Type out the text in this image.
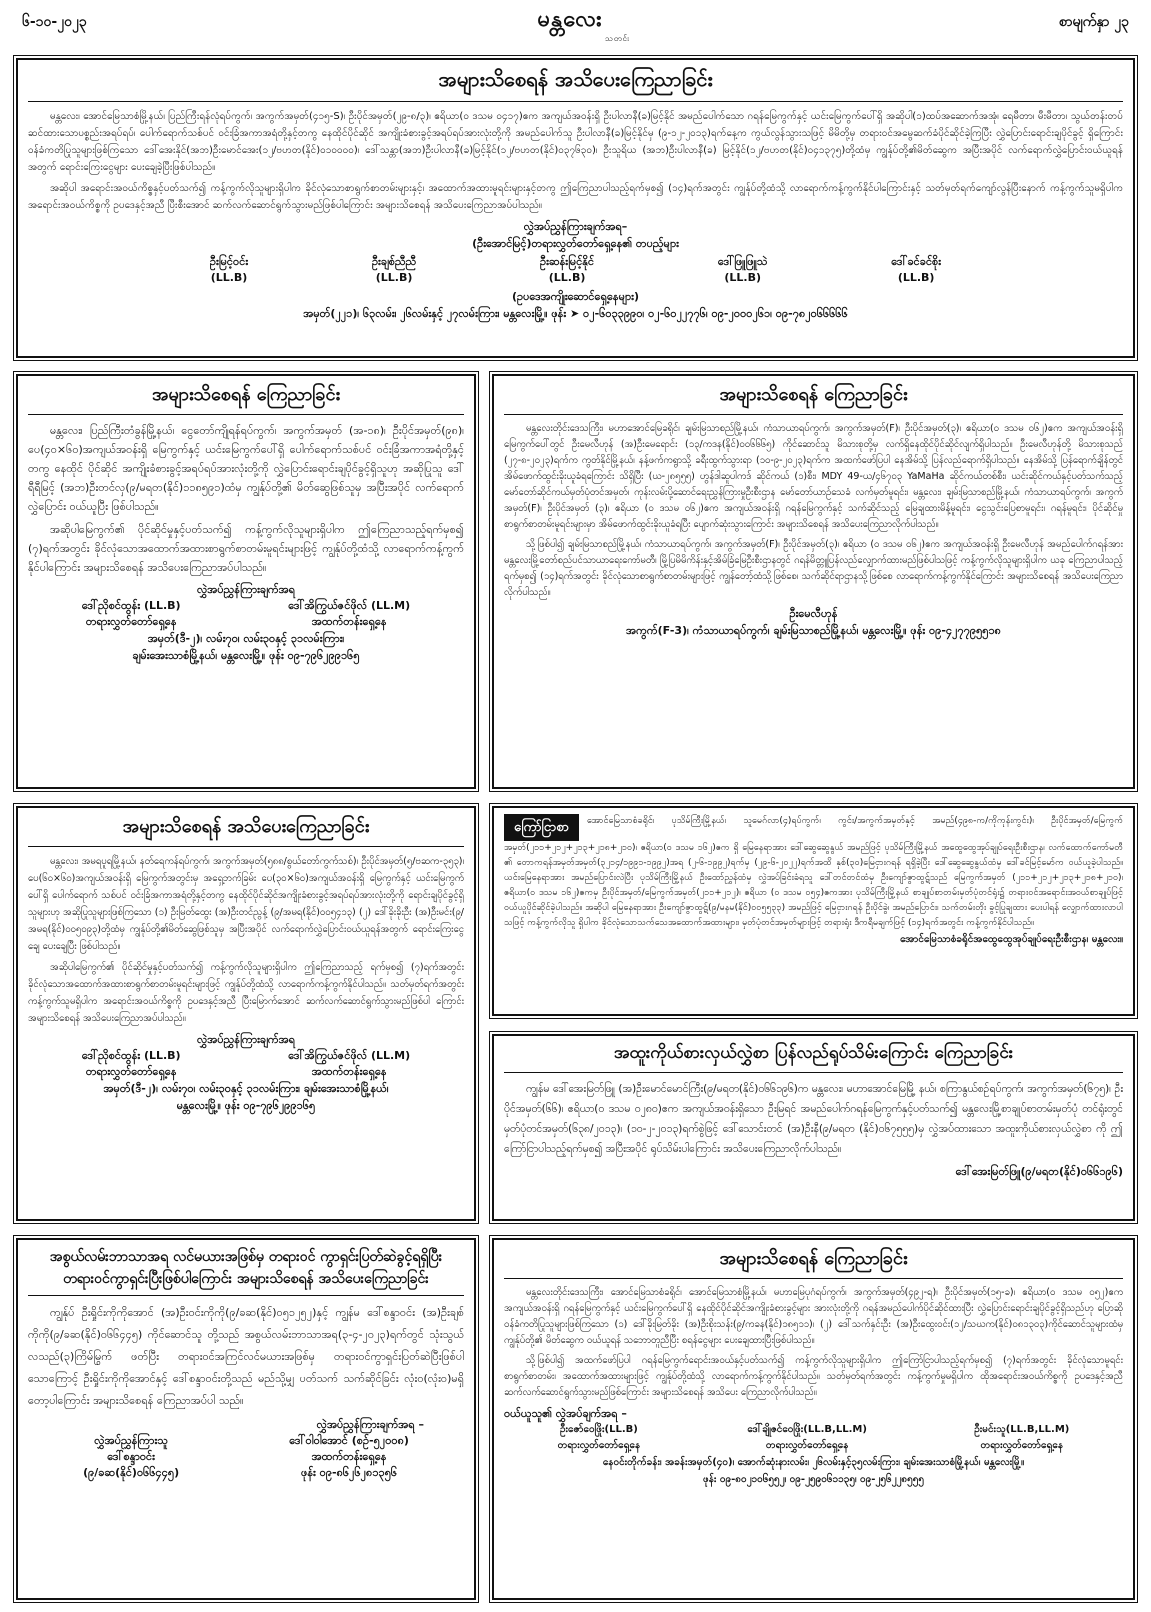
၆-၁၀-၂၀၂၃	မန္တလေး
သတင်း
စာမျက်နှာ ၂၃
အများသိစေရန် အသိပေးကြေညာခြင်း

မန္တလေး၊ အောင်မြေသာစံမြို့နယ်၊ ပြည်ကြီးရန်လုံရပ်ကွက်၊ အကွက်အမှတ်(၄၁၅-S)၊ ဦးပိုင်အမှတ်(၂၉-၈/၃)၊ ဧရိယာ(၀ ဒသမ ၀၄၁၇)ဧက အကျယ်အဝန်းရှိ ဦးပါလာနီ(ခ)မြင့်နိုင် အမည်ပေါက်သော ဂရန်မြေကွက်နှင့် ယင်းမြေကွက်ပေါ်ရှိ အဆိုပါ(၁)ထပ်အဆောက်အအုံ၊ ရေမီတာ၊ မီးမီတာ၊ သွယ်တန်းတပ်ဆင်ထားသောပစ္စည်းအရပ်ရပ်၊ ပေါက်ရောက်သစ်ပင် ဝင်းခြံအကာအရံတို့နှင့်တကွ နေထိုင်ပိုင်ဆိုင် အကျိုးခံစားခွင့်အရပ်ရပ်အားလုံးတို့ကို အမည်ပေါက်သူ ဦးပါလာနီ(ခ)မြင့်နိုင်မှ (၉-၁၂-၂၀၁၃)ရက်နေ့က ကွယ်လွန်သွားသဖြင့် မိမိတို့မှ တရားဝင်အမွေဆက်ခံပိုင်ဆိုင်ခဲ့ကြပြီး လွှဲပြောင်းရောင်းချပိုင်ခွင့် ရှိကြောင်း ဝန်ခံကတိပြုသူများဖြစ်ကြသော ဒေါ်အေးနိုင်(အဘ)ဦးမောင်အေး(၁၂/ဗဟတ(နိုင်)၀၁၀၀၀၀)၊ ဒေါ်သန္တာ(အဘ)ဦးပါလာနီ(ခ)မြင့်နိုင်(၁၂/ဗဟတ(နိုင်)၀၃၇၆၃၀)၊ ဦးသူရိယ (အဘ)ဦးပါလာနီ(ခ) မြင့်နိုင်(၁၂/ဗဟတ(နိုင်)၀၄၁၃၇၅)တို့ထံမှ ကျွန်ုပ်တို့၏မိတ်ဆွေက အပြီးအပိုင် လက်ရောက်လွှဲပြောင်းဝယ်ယူရန်အတွက် ရောင်းကြေးငွေများ ပေးချေခဲ့ပြီးဖြစ်ပါသည်။

အဆိုပါ အရောင်းအဝယ်ကိစ္စနှင့်ပတ်သက်၍ ကန့်ကွက်လိုသူများရှိပါက ခိုင်လုံသောစာရွက်စာတမ်းများနှင့်၊ အထောက်အထားမူရင်းများနှင့်တကွ ဤကြေညာပါသည့်ရက်မှစ၍ (၁၄)ရက်အတွင်း ကျွန်ုပ်တို့ထံသို့ လာရောက်ကန့်ကွက်နိုင်ပါကြောင်းနှင့် သတ်မှတ်ရက်ကျော်လွန်ပြီးနောက် ကန့်ကွက်သူမရှိပါက အရောင်းအဝယ်ကိစ္စကို ဥပဒေနှင့်အညီ ပြီးစီးအောင် ဆက်လက်ဆောင်ရွက်သွားမည်ဖြစ်ပါကြောင်း အများသိစေရန် အသိပေးကြေညာအပ်ပါသည်။

လွှဲအပ်ညွှန်ကြားချက်အရ–
(ဦးအောင်မြင့်)တရားလွှတ်တော်ရှေ့နေ၏ တပည့်များ
ဦးမြင့်ဝင်း
(LL.B)
ဦးချစ်ညီညီ
(LL.B)
ဦးဆန်းမြင့်နိုင်
(LL.B)
ဒေါ်ဖြူဖြူသဲ
(LL.B)
ဒေါ်ခင်ခင်စိုး
(LL.B)
(ဥပဒေအကျိုးဆောင်ရှေ့နေများ)
အမှတ်(၂၂၁)၊ ၆၃လမ်း၊ ၂၆လမ်းနှင့် ၂၇လမ်းကြား၊ မန္တလေးမြို့။ ဖုန်း ➤ ၀၂-၆၀၃၃၉၉၀၊ ၀၂-၆၀၂၂၇၇၆၊ ၀၉-၂၀၀၀၂၆၁၊ ၀၉-၇၈၂၀၆၆၆၆၆
အများသိစေရန် ကြေညာခြင်း

မန္တလေး၊ ပြည်ကြီးတံခွန်မြို့နယ်၊ ငွေတော်ကျိုရန်ရပ်ကွက်၊ အကွက်အမှတ် (အ-၁၈)၊ ဦးပိုင်အမှတ်(၉၈)၊ ပေ(၄၀×၆၀)အကျယ်အဝန်းရှိ မြေကွက်နှင့် ယင်းမြေကွက်ပေါ်ရှိ ပေါက်ရောက်သစ်ပင် ဝင်းခြံအကာအရံတို့နှင့်တကွ နေထိုင် ပိုင်ဆိုင် အကျိုးခံစားခွင့်အရပ်ရပ်အားလုံးတို့ကို လွှဲပြောင်းရောင်းချပိုင်ခွင့်ရှိသူဟု အဆိုပြုသူ ဒေါ်ရီရီမြင့် (အဘ)ဦးတင်လှ(၉/မရတ(နိုင်)၁၁၈၅၉၁)ထံမှ ကျွန်ုပ်တို့၏ မိတ်ဆွေဖြစ်သူမှ အပြီးအပိုင် လက်ရောက်လွှဲပြောင်း ဝယ်ယူပြီး ဖြစ်ပါသည်။

အဆိုပါမြေကွက်၏ ပိုင်ဆိုင်မှုနှင့်ပတ်သက်၍ ကန့်ကွက်လိုသူများရှိပါက ဤကြေညာသည့်ရက်မှစ၍ (၇)ရက်အတွင်း ခိုင်လုံသောအထောက်အထားစာရွက်စာတမ်းမူရင်းများဖြင့် ကျွန်ုပ်တို့ထံသို့ လာရောက်ကန့်ကွက်နိုင်ပါကြောင်း အများသိစေရန် အသိပေးကြေညာအပ်ပါသည်။

လွှဲအပ်ညွှန်ကြားချက်အရ
ဒေါ်ညိုစင်ထွန်း (LL.B)
တရားလွှတ်တော်ရှေ့နေ
ဒေါ်အိကြွယ်ဇင်ဖိုလ် (LL.M)
အထက်တန်းရှေ့နေ
အမှတ်(ဒီ-၂)၊ လမ်း၇၀၊ လမ်း၃၀နှင့် ၃၁လမ်းကြား၊
ချမ်းအေးသာစံမြို့နယ်၊ မန္တလေးမြို့။ ဖုန်း ၀၉-၇၉၆၂၉၉၁၆၅
အများသိစေရန် ကြေညာခြင်း

မန္တလေးတိုင်းဒေသကြီး၊ မဟာအောင်မြေခရိုင်၊ ချမ်းမြသာစည်မြို့နယ်၊ ကံသာယာရပ်ကွက်၊ အကွက်အမှတ်(F)၊ ဦးပိုင်အမှတ်(၃)၊ ဧရိယာ(၀ ဒသမ ၀၆၂)ဧက အကျယ်အဝန်းရှိ မြေကွက်ပေါ်တွင် ဦးမေလီဟုန် (အ)ဦးမေရောင်း (၁၃/ကဒန(နိုင်)၀၀၆၆၆၅) ကိုင်ဆောင်သူ မိသားစုတို့မှ လက်ရှိနေထိုင်ပိုင်ဆိုင်လျက်ရှိပါသည်။ ဦးမေလီဟုန်တို့ မိသားစုသည် (၂၇-၈-၂၀၂၃)ရက်က ကွတ်နိုင်မြို့နယ်၊ နန့်ဖက်ကရွာသို့ ခရီးထွက်သွားရာ (၁၀-၉-၂၀၂၃)ရက်က အထက်ဖော်ပြပါ နေအိမ်သို့ ပြန်လည်ရောက်ရှိပါသည်။ နေအိမ်သို့ ပြန်ရောက်ချိန်တွင် အိမ်ဖောက်ထွင်းခိုးယူခံရကြောင်း သိရှိပြီး (ယ-၂၈၅၅၅) ဟွန်ဒါဆူပါကဒ် ဆိုင်ကယ် (၁)စီး၊ MDY 49-ယ/၄၆၇၀၃ YaMaHa ဆိုင်ကယ်တစ်စီး၊ ယင်းဆိုင်ကယ်နှင့်ပတ်သက်သည့် မော်တော်ဆိုင်ကယ်မှတ်ပုံတင်အမှတ်၊ ကုန်းလမ်းပို့ဆောင်ရေးညွှန်ကြားမှုဦးစီးဌာန မော်တော်ယာဉ်သေခံ လက်မှတ်မူရင်း၊ မန္တလေး၊ ချမ်းမြသာစည်မြို့နယ်၊ ကံသာယာရပ်ကွက်၊ အကွက်အမှတ်(F)၊ ဦးပိုင်အမှတ် (၃)၊ ဧရိယာ (၀ ဒသမ ၀၆၂)ဧက အကျယ်အဝန်းရှိ ဂရန်မြေကွက်နှင့် သက်ဆိုင်သည့် မြေချထားမိန့်မူရင်း၊ ငွေသွင်းပြေစာမူရင်း၊ ဂရန်မူရင်း၊ ပိုင်ဆိုင်မှုစာရွက်စာတမ်းမူရင်းများမှာ အိမ်ဖောက်ထွင်းခိုးယူခံရပြီး ပျောက်ဆုံးသွားကြောင်း အများသိစေရန် အသိပေးကြေညာလိုက်ပါသည်။

သို့ဖြစ်ပါ၍ ချမ်းမြသာစည်မြို့နယ်၊ ကံသာယာရပ်ကွက်၊ အကွက်အမှတ်(F)၊ ဦးပိုင်အမှတ်(၃)၊ ဧရိယာ (၀ ဒသမ ၀၆၂)ဧက အကျယ်အဝန်းရှိ ဦးမေလီဟုန် အမည်ပေါက်ဂရန်အား မန္တလေးမြို့တော်စည်ပင်သာယာရေးကော်မတီ၊ မြို့ပြမိမိကိန်းနှင့်အိမ်ခြံမြေဦးစီးဌာနတွင် ဂရန်မိတ္တူပြန်လည်လျှောက်ထားမည်ဖြစ်ပါသဖြင့် ကန့်ကွက်လိုသူများရှိပါက ယခု ကြေညာပါသည့်ရက်မှစ၍ (၁၄)ရက်အတွင်း ခိုင်လုံသောစာရွက်စာတမ်းများဖြင့် ကျွန်တော့်ထံသို့ဖြစ်စေ၊ သက်ဆိုင်ရာဌာနသို့ဖြစ်စေ လာရောက်ကန့်ကွက်နိုင်ကြောင်း အများသိစေရန် အသိပေးကြေညာလိုက်ပါသည်။

ဦးမေလီဟုန်
အကွက်(F-3)၊ ကံသာယာရပ်ကွက်၊ ချမ်းမြသာစည်မြို့နယ်၊ မန္တလေးမြို့။ ဖုန်း ၀၉-၄၂၇၇၉၅၅၁၈
အများသိစေရန် အသိပေးကြေညာခြင်း

မန္တလေး၊ အမရပူရမြို့နယ်၊ နတ်ရေကန်ရပ်ကွက်၊ အကွက်အမှတ်(၅၈၈/စွယ်တော်ကွက်သစ်)၊ ဦးပိုင်အမှတ်(၅/ဗဆက-၃၅၃)၊ ပေ(၆၀×၆၀)အကျယ်အဝန်းရှိ မြေကွက်အတွင်းမှ အရှေ့ဘက်ခြမ်း ပေ(၃၀×၆၀)အကျယ်အဝန်းရှိ မြေကွက်နှင့် ယင်းမြေကွက်ပေါ်ရှိ ပေါက်ရောက် သစ်ပင် ဝင်းခြံအကာအရံတို့နှင့်တကွ နေထိုင်ပိုင်ဆိုင်အကျိုးခံစားခွင့်အရပ်ရပ်အားလုံးတို့ကို ရောင်းချပိုင်ခွင့်ရှိသူများဟု အဆိုပြုသူများဖြစ်ကြသော (၁) ဦးမြတ်ထွေး (အ)ဦးတင်ညွန့် (၉/အမရ(နိုင်)၀၀၅၄၁၃) (၂) ဒေါ်ခိုးခိုးဦး (အ)ဦးမင်း(၉/အမရ(နိုင်)၀၀၅၀၉၃)တို့ထံမှ ကျွန်ုပ်တို့၏မိတ်ဆွေဖြစ်သူမှ အပြီးအပိုင် လက်ရောက်လွှဲပြောင်းဝယ်ယူရန်အတွက် ရောင်းကြေးငွေချေ ပေးချေပြီး ဖြစ်ပါသည်။

အဆိုပါမြေကွက်၏ ပိုင်ဆိုင်မှုနှင့်ပတ်သက်၍ ကန့်ကွက်လိုသူများရှိပါက ဤကြေညာသည့် ရက်မှစ၍ (၇)ရက်အတွင်း ခိုင်လုံသောအထောက်အထားစာရွက်စာတမ်းမူရင်းများဖြင့် ကျွန်ုပ်တို့ထံသို့ လာရောက်ကန့်ကွက်နိုင်ပါသည်။ သတ်မှတ်ရက်အတွင်း ကန့်ကွက်သူမရှိပါက အရောင်းအဝယ်ကိစ္စကို ဥပဒေနှင့်အညီ ပြီးမြောက်အောင် ဆက်လက်ဆောင်ရွက်သွားမည်ဖြစ်ပါ ကြောင်း အများသိစေရန် အသိပေးကြေညာအပ်ပါသည်။

လွှဲအပ်ညွှန်ကြားချက်အရ
ဒေါ်ညိုစင်ထွန်း (LL.B)
တရားလွှတ်တော်ရှေ့နေ
ဒေါ်အိကြွယ်ဇင်ဖိုလ် (LL.M)
အထက်တန်းရှေ့နေ
အမှတ်(ဒီ-၂)၊ လမ်း၇၀၊ လမ်း၃၀နှင့် ၃၁လမ်းကြား၊ ချမ်းအေးသာစံမြို့နယ်၊
မန္တလေးမြို့။ ဖုန်း ၀၉-၇၉၆၂၉၉၁၆၅
ကြော်ငြာစာ အောင်မြေသာစံခရိုင်၊ ပုသိမ်ကြီးမြို့နယ်၊ သူမေဂ်လာ(၄)ရပ်ကွက်၊ ကွင်း/အကွက်အမှတ်နှင့် အမည်(၄၉၈-က/ကိုကုန်းကွင်း)၊ ဦးပိုင်အမှတ်/မြေကွက်အမှတ်(၂၁၁+၂၁၂+၂၁၃+၂၁၈+၂၁၀)၊ ဧရိယာ(၀ ဒသမ ၁၆၂)ဧက ရှိ မြေနေရာအား ဒေါ်ဆွေဆွေနွယ် အမည်ဖြင့် ပုသိမ်ကြီးမြို့နယ် အထွေထွေအုပ်ချုပ်ရေးဦးစီးဌာန၊ လက်ထောက်ကော်မတီ ၏ တောကရန်အမှတ်အမှတ်(၃၂၁၄/၁၉၉၁-၁၉၉၂)အရ (၂-၆-၁၉၉၂)ရက်မှ (၂၉-၆-၂၀၂၂)ရက်အထိ နှစ်(၃၀)မြေငှားဂရန် ရရှိခဲ့ပြီး ဒေါ်ဆွေဆွေနွယ်ထံမှ ဒေါ်ခင်မြင့်မော်က ဝယ်ယူခဲ့ပါသည်။ ယင်းမြေနေရာအား အမည်ပြောင်းလဲပြီး ပုသိမ်ကြီးမြို့နယ် ဦးထော်ညွှန်ထံမှ လွှဲအပ်ခြင်းခံရသူ ဒေါ်တင်တင်ထံမှ ဦးကျော်ဇွာထွဋ်သည် မြေကွက်အမှတ် (၂၁၁+၂၁၂+၂၁၃+၂၁၈+၂၁၀)၊ ဧရိယာ(၀ ဒသမ ၁၆၂)ဧကမှ ဦးပိုင်အမှတ်/မြေကွက်အမှတ်(၂၁၁+၂၁၂)၊ ဧရိယာ (၀ ဒသမ ၀၅၄)ဧကအား ပုသိမ်ကြီးမြို့နယ် စာချုပ်စာတမ်းမှတ်ပုံတင်ရုံး၌ တရားဝင်အရောင်းအဝယ်စာချုပ်ဖြင့် ဝယ်ယူပိုင်ဆိုင်ခဲ့ပါသည်။ အဆိုပါ မြေနေရာအား ဦးကျော်ဇွာထွဋ်(၉/မနမ(နိုင်)၀၀၅၅၃၃) အမည်ဖြင့် မြေငှားဂရန် ဦးပိုင်ခွဲ၊ အမည်ပြောင်း၊ သက်တမ်းတိုး ခွင့်ပြုချထား ပေးပါရန် လျှောက်ထားလာပါသဖြင့် ကန့်ကွက်လိုသူ ရှိပါက ခိုင်လုံသောသက်သေအထောက်အထားများ၊ မှတ်ပုံတင်အမှတ်များဖြင့် တရားရုံး ဒီကရီမချက်ဖြင့် (၁၄)ရက်အတွင်း ကန့်ကွက်နိုင်ပါသည်။
အောင်မြေသာစံခရိုင်အထွေထွေအုပ်ချုပ်ရေးဦးစီးဌာန၊ မန္တလေး။
အထူးကိုယ်စားလှယ်လွှဲစာ ပြန်လည်ရုပ်သိမ်းကြောင်း ကြေညာခြင်း

ကျွန်မ ဒေါ်အေးမြတ်ဖြူ (အ)ဦးမောင်မောင်ကြီး(၉/မရတ(နိုင်)၀၆၆၁၉၆)က မန္တလေး၊ မဟာအောင်မြေမြို့ နယ်၊ စကြာနွယ်စဉ်ရပ်ကွက်၊ အကွက်အမှတ်(၆၇၅)၊ ဦးပိုင်အမှတ်(၆၆)၊ ဧရိယာ(၀ ဒသမ ၀၂၈၀)ဧက အကျယ်အဝန်းရှိသော ဦးမြရင် အမည်ပေါက်ဂရန်မြေကွက်နှင့်ပတ်သက်၍ မန္တလေးမြို့စာချုပ်စာတမ်းမှတ်ပုံ တင်ရုံးတွင် မှတ်ပုံတင်အမှတ်(၆၃၈/၂၀၁၃)၊ (၁၀-၂-၂၀၁၃)ရက်စွဲဖြင့် ဒေါ်သောင်းတင် (အ)ဦးနီ(၉/မရတ (နိုင်)၀၆၇၅၅၅)မှ လွှဲအပ်ထားသော အထူးကိုယ်စားလှယ်လွှဲစာ ကို ဤကြော်ငြာပါသည့်ရက်မှစ၍ အပြီးအပိုင် ရုပ်သိမ်းပါကြောင်း အသိပေးကြေညာလိုက်ပါသည်။

ဒေါ်အေးမြတ်ဖြူ(၉/မရတ(နိုင်)၀၆၆၁၉၆)
အစွယ်လမ်းဘာသာအရ လင်မယားအဖြစ်မှ တရားဝင် ကွာရှင်းပြတ်ဆဲခွင့်ရရှိပြီး
တရားဝင်ကွာရှင်းပြီးဖြစ်ပါကြောင်း အများသိစေရန် အသိပေးကြေညာခြင်း

ကျွန်ုပ် ဦးရှိုင်းကိုကိုအောင် (အ)ဦးဝင်းကိုကို(၉/ခဆ(နိုင်)၀၅၁၂၅၂)နှင့် ကျွန်မ ဒေါ်စန္ဒာဝင်း (အ)ဦးချစ်ကိုကို(၉/ခဆ(နိုင်)၀၆၆၄၄၅) ကိုင်ဆောင်သူ တို့သည် အစွယ်လမ်းဘာသာအရ(၃-၄-၂၀၂၃)ရက်တွင် သုံးသွယ်လသည်(၃)ကြိမ်မြွက် ဖတ်ပြီး တရားဝင်အကြင်လင်မယားအဖြစ်မှ တရားဝင်ကွာရှင်းပြတ်ဆဲပြီးဖြစ်ပါ သောကြောင့် ဦးရှိုင်းကိုကိုအောင်နှင့် ဒေါ်စန္ဒာဝင်းတို့သည် မည်သို့မျှ ပတ်သက် သက်ဆိုင်ခြင်း လုံး၀(လုံး၀)မရှိတော့ပါကြောင်း အများသိစေရန် ကြေညာအပ်ပါ သည်။

လွှဲအပ်ညွှန်ကြားချက်အရ –
လွှဲအပ်ညွှန်ကြားသူ
ဒေါ်စန္ဒာဝင်း
(၉/ခဆ(နိုင်)၀၆၆၄၄၅)
ဒေါ်ဝါဝါအောင် (စဉ်-၅၂၀၀၈)
အထက်တန်းရှေ့နေ
ဖုန်း ၀၉-၈၆၂၆၂၈၁၃၅၆
အများသိစေရန် ကြေညာခြင်း

မန္တလေးတိုင်းဒေသကြီး၊ အောင်မြေသာစံခရိုင်၊ အောင်မြေသာစံမြို့နယ်၊ မဟာမြေပုဂံရပ်ကွက်၊ အကွက်အမှတ်(၄၉၂-ရ)၊ ဦးပိုင်အမှတ်(၁၅-ခ)၊ ဧရိယာ(၀ ဒသမ ၀၅၂)ဧက အကျယ်အဝန်းရှိ ဂရန်မြေကွက်နှင့် ယင်းမြေကွက်ပေါ်ရှိ နေထိုင်ပိုင်ဆိုင်အကျိုးခံစားခွင့်များ အားလုံးတို့ကို ဂရန်အမည်ပေါက်ပိုင်ဆိုင်ထားပြီး လွှဲပြောင်းရောင်းချပိုင်ခွင့်ရှိသည်ဟု ပြောဆိုဝန်ခံကတိပြုသူများဖြစ်ကြသော (၁) ဒေါ်ခိုးမြတ်ခိုး (အ)ဦးစိုးသန်း(၉/ကခန(နိုင်)၁၈၅၁၁)၊ (၂) ဒေါ်သက်နှင်းဦး (အ)ဦးထွေးဝင်း(၁၂/သဃက(နိုင်)၀၈၁၃၀၃)ကိုင်ဆောင်သူများထံမှ ကျွန်ုပ်တို့၏ မိတ်ဆွေက ဝယ်ယူရန် သဘောတူညီပြီး စရန်ငွေများ ပေးချေထားပြီးဖြစ်ပါသည်။

သို့ဖြစ်ပါ၍ အထက်ဖော်ပြပါ ဂရန်မြေကွက်ရောင်းအဝယ်နှင့်ပတ်သက်၍ ကန့်ကွက်လိုသူများရှိပါက ဤကြော်ငြာပါသည့်ရက်မှစ၍ (၇)ရက်အတွင်း ခိုင်လုံသောမူရင်းစာရွက်စာတမ်း၊ အထောက်အထားများဖြင့် ကျွန်ုပ်တို့ထံသို့ လာရောက်ကန့်ကွက်နိုင်ပါသည်။ သတ်မှတ်ရက်အတွင်း ကန့်ကွက်မှုမရှိပါက ထိုအရောင်းအဝယ်ကိစ္စကို ဥပဒေနှင့်အညီ ဆက်လက်ဆောင်ရွက်သွားမည်ဖြစ်ကြောင်း အများသိစေရန် အသိပေး ကြေညာလိုက်ပါသည်။

ဝယ်ယူသူ၏ လွှဲအပ်ချက်အရ –
ဦးဇော်ဝေဖြိုး(LL.B)
တရားလွှတ်တော်ရှေ့နေ
ဒေါ်ချိုဇင်ဝေဖြိုး(LL.B,LL.M)
တရားလွှတ်တော်ရှေ့နေ
ဦးမင်းသူ(LL.B,LL.M)
တရားလွှတ်တော်ရှေ့နေ
နေဝင်းတိုက်ခန်း၊ အခန်းအမှတ်(၄၀)၊ အောက်ဆုံးနားလမ်း၊ ၂၆လမ်းနှင့်၃၅လမ်းကြား၊ ချမ်းအေးသာစံမြို့နယ်၊ မန္တလေးမြို့။
ဖုန်း ၀၉-၈၀၂၁၀၆၅၅၂၊ ၀၉-၂၅၉၀၆၁၁၃၅၊ ၀၉-၂၅၆၂၂၈၅၅၅
